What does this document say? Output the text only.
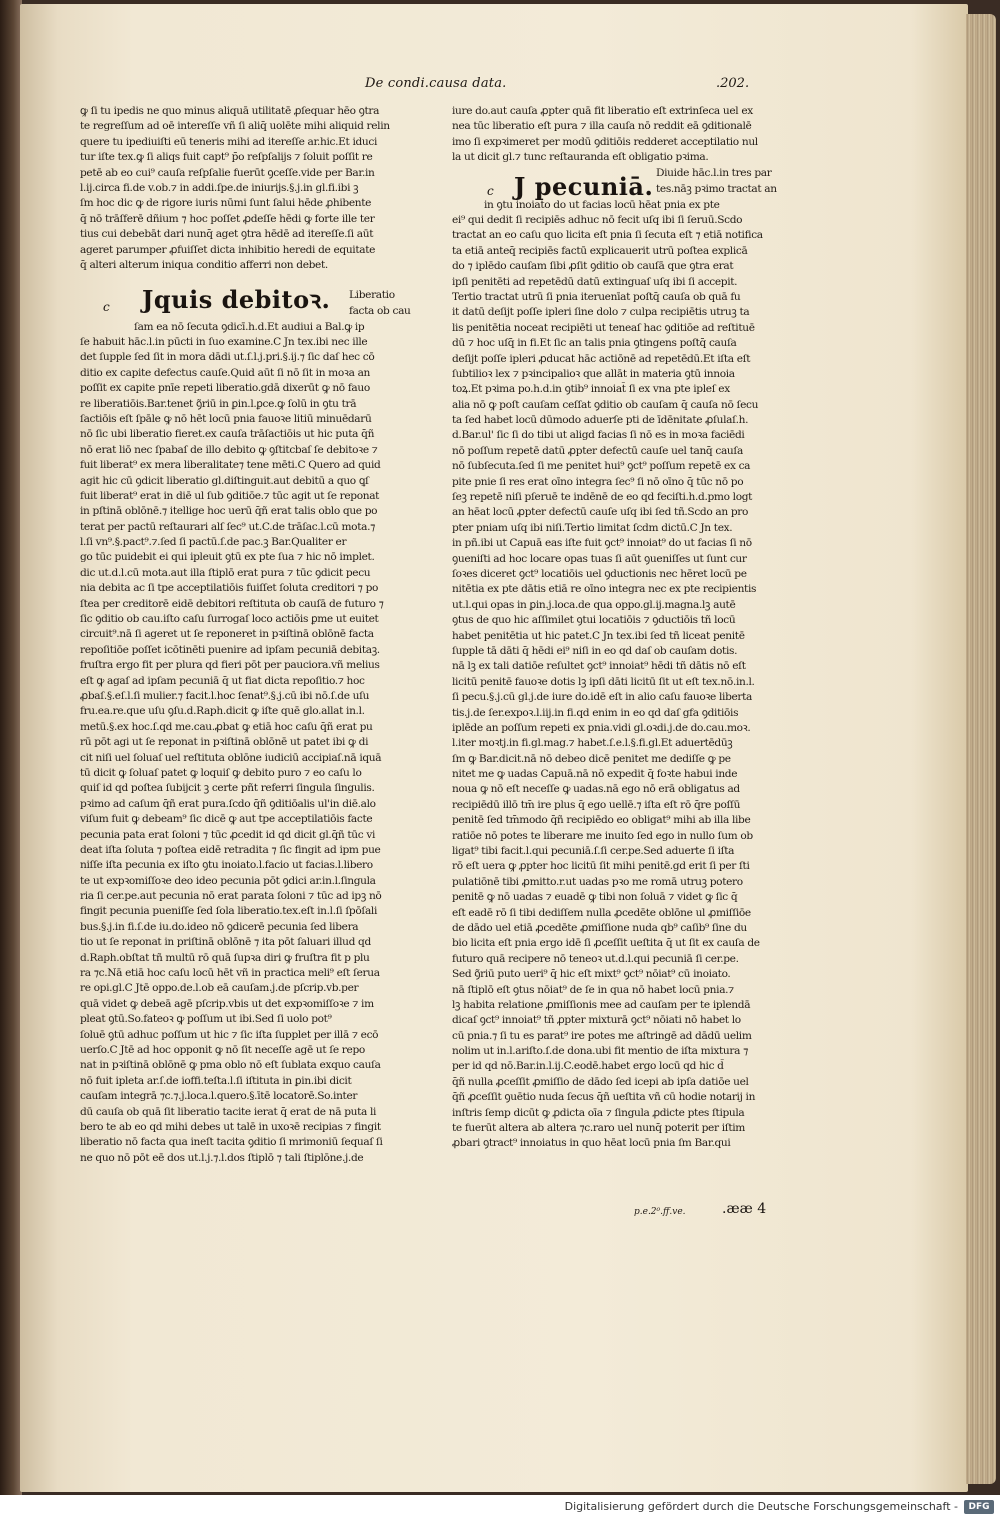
De condi.causa data.	.202.
ꝙ ſi tu ipedis ne quo minus aliquā utilitatē ꝓſequar hēo ꝯtra
te regreſſum ad oē intereſſe vñ ſi aliq̄ uolēte mihi aliquid relin
quere tu ipediuiſti eū teneris mihi ad itereſſe ar.hic.Et iduci
tur iſte tex.ꝙ ſi aliqs fuit capt⁹ p̄o reſpſalijs ⁊ ſoluit poſſit re
petē ab eo cui⁹ cauſa reſpſalie fuerūt ꝯceſſe.vide per Bar.in
l.ij.circa fi.de v.ob.⁊ in addi.ſpe.de iniurijs.§.j.in gl.fi.ibi ꝫ
ſm hoc dic ꝙ de rigore iuris nūmi ſunt ſalui hēde ꝓhibente
q̄ nō trāſferē dñium ⁊ hoc poſſet ꝓdeſſe hēdi ꝙ forte ille ter
tius cui debebāt dari nunq̄ aget ꝯtra hēdē ad itereſſe.ſi aūt
ageret parumper ꝓfuiſſet dicta inhibitio heredi de equitate
q̄ alteri alterum iniqua conditio afferri non debet.
c Jquis debitoꝛ. Liberatio
facta ob cau
ſam ea nō ſecuta ꝯdicī.h.d.Et audiui a Bal.ꝙ ip
ſe habuit hāc.l.in pūcti in ſuo examine.C Jn tex.ibi nec ille
det ſupple ſed ſit in mora dādi ut.ſ.l.j.pri.§.ij.⁊ ſic daſ hec cō
ditio ex capite defectus cauſe.Quid aūt ſi nō ſit in moꝛa an
poſſit ex capite pnīe repeti liberatio.gdā dixerūt ꝙ nō fauo
re liberatiōis.Bar.tenet ꝯ̃riū in ꝑin.l.ꝑce.ꝙ ſolū in ꝯtu trā
ſactiōis eſt ſpāle ꝙ nō hēt locū pnia fauoꝛe litiū minuēdarū
nō ſic ubi liberatio fieret.ex cauſa trāſactiōis ut hic puta q̄ñ
nō erat liō nec ſpabaſ de illo debito ꝙ ꝯſtitcbaſ ſe debitoꝛe ⁊
fuit liberat⁹ ex mera liberalitate⁊ tene mēti.C Quero ad quid
agit hic cū ꝯdicit liberatio gl.diſtinguit.aut debitū a quo ꝗſ
fuit liberat⁹ erat in diē ul ſub ꝯditiōe.⁊ tūc agit ut ſe reponat
in pſtinā oblōnē.⁊ itellige hoc uerū q̄ñ erat talis oblo que po
terat per pactū reſtaurari alſ ſec⁹ ut.C.de trāſac.l.cū mota.⁊
l.ſi vn⁹.§.pact⁹.⁊.ſed ſi pactū.ſ.de pac.ꝫ Bar.Qualiter er
go tūc puidebit ei qui ipleuit ꝯtū ex pte ſua ⁊ hic nō implet.
dic ut.d.l.cū mota.aut illa ſtiplō erat pura ⁊ tūc ꝯdicit pecu
nia debita ac ſi tpe acceptilatiōis fuiſſet ſoluta creditori ⁊ po
ſtea per creditorē eidē debitori reſtituta ob cauſā de futuro ⁊
ſic ꝯditio ob cau.iſto caſu ſurrogaſ loco actiōis ꝑme ut euitet
circuit⁹.nā ſi ageret ut ſe reponeret in pꝛiſtinā oblōnē facta
repoſitiōe poſſet icōtinēti puenire ad ipſam pecuniā debitaꝫ.
fruſtra ergo fit per plura qd fieri pōt per pauciora.vñ melius
eſt ꝙ agaſ ad ipſam pecuniā q̄ ut fiat dicta repoſitio.⁊ hoc
ꝓbaſ.§.eſ.l.ſi mulier.⁊ facit.l.hoc ſenat⁹.§.j.cū ibi nō.ſ.de uſu
fru.ea.re.que uſu ꝯſu.d.Raph.dicit ꝙ iſte quē glo.allat in.l.
metū.§.ex hoc.ſ.qd me.cau.ꝓbat ꝙ etiā hoc caſu q̄ñ erat pu
rū pōt agi ut ſe reponat in pꝛiſtinā oblōnē ut patet ibi ꝙ di
cit niſi uel ſoluaſ uel reſtituta oblōne iudiciū accipiaſ.nā iquā
tū dicit ꝙ ſoluaſ patet ꝙ loquiſ ꝙ debito puro ⁊ eo caſu lo
quiſ id qd poſtea ſubijcit ꝫ certe pñt referri ſingula ſingulis.
pꝛimo ad caſum q̄ñ erat pura.ſcdo q̄ñ ꝯditiōalis ul'in diē.alo
viſum fuit ꝙ debeam⁹ ſic dicē ꝙ aut tpe acceptilatiōis facte
pecunia pata erat ſoloni ⁊ tūc ꝓcedit id qd dicit gl.q̄ñ tūc vi
deat iſta ſoluta ⁊ poſtea eidē retradita ⁊ ſic fingit ad ipm pue
niſſe iſta pecunia ex iſto ꝯtu inoiato.l.facio ut facias.l.libero
te ut expꝛomiſſoꝛe deo ideo pecunia pōt ꝯdici ar.in.l.ſingula
ria ſi cer.pe.aut pecunia nō erat parata ſoloni ⁊ tūc ad ipꝫ nō
fingit pecunia pueniſſe ſed ſola liberatio.tex.eſt in.l.ſi ſpōſali
bus.§.j.in fi.ſ.de iu.do.ideo nō ꝯdicerē pecunia ſed libera
tio ut ſe reponat in priſtinā oblōnē ⁊ ita pōt ſaluari illud qd
d.Raph.obſtat tñ multū rō quā ſupꝛa diri ꝙ fruſtra fit p plu
ra ⁊c.Nā etiā hoc caſu locū hēt vñ in practica meli⁹ eſt ſerua
re opi.gl.C Jtē oppo.de.l.ob eā cauſam.j.de pſcrip.vb.per
quā videt ꝙ debeā agē pſcrip.vbis ut det expꝛomiſſoꝛe ⁊ im
pleat ꝯtū.So.fateoꝛ ꝙ poſſum ut ibi.Sed ſi uolo pot⁹
ſoluē ꝯtū adhuc poſſum ut hic ⁊ ſic iſta ſupplet per illā ⁊ ecō
uerſo.C Jtē ad hoc opponit ꝙ nō ſit neceſſe agē ut ſe repo
nat in pꝛiſtinā oblōnē ꝙ pma oblo nō eſt ſublata exquo cauſa
nō fuit ipleta ar.ſ.de ioffi.teſta.l.ſi iſtituta in ꝑin.ibi dicit
cauſam integrā ⁊c.⁊.j.loca.l.quero.§.ītē locatorē.So.inter
dū cauſa ob quā ſit liberatio tacite ierat q̄ erat de nā puta li
bero te ab eo qd mihi debes ut talē in uxoꝛē recipias ⁊ fingit
liberatio nō facta qua ineſt tacita ꝯditio ſi mrimoniū ſequaſ ſi
ne quo nō pōt eē dos ut.l.j.⁊.l.dos ſtiplō ⁊ tali ſtiplōne.j.de
iure do.aut cauſa ꝓpter quā fit liberatio eſt extrinſeca uel ex
nea tūc liberatio eſt pura ⁊ illa cauſa nō reddit eā ꝯditionalē
imo ſi expꝛimeret per modū ꝯditiōis redderet acceptilatio nul
la ut dicit gl.⁊ tunc reſtauranda eſt obligatio pꝛima.
c J pecuniā. Diuide hāc.l.in tres par
tes.nāꝫ pꝛimo tractat an
in ꝯtu inoiato do ut facias locū hēat pnia ex pte
ei⁹ qui dedit ſi recipiēs adhuc nō fecit uſq ibi ſi ſeruū.Scdo
tractat an eo caſu quo licita eſt pnia ſi ſecuta eſt ⁊ etiā notifica
ta etiā anteq̄ recipiēs factū explicauerit utrū poſtea explicā
do ⁊ iplēdo cauſam ſibi ꝓſit ꝯditio ob cauſā que ꝯtra erat
ipſi penitēti ad repetēdū datū extinguaſ uſq ibi ſi accepit.
Tertio tractat utrū ſi pnia iteruenīat poſtq̄ cauſa ob quā fu
it datū deſijt poſſe ipleri ſine dolo ⁊ culpa recipiētis utruꝫ ta
lis penitētia noceat recipiēti ut teneaſ hac ꝯditiōe ad reſtituē
dū ⁊ hoc uſq̄ in fi.Et ſic an talis pnia ꝯtingens poſtq̄ cauſa
deſijt poſſe ipleri ꝓducat hāc actiōnē ad repetēdū.Et iſta eſt
ſubtilioꝛ lex ⁊ pꝛincipalioꝛ que allāt in materia ꝯtū innoia
toꝝ.Et pꝛima po.h.d.in ꝯtib⁹ innoiat̄ ſi ex vna pte ipleſ ex
alia nō ꝙ poſt cauſam ceſſat ꝯditio ob cauſam q̄ cauſa nō ſecu
ta ſed habet locū dūmodo aduerſe pti de īdēnitate ꝓſulaſ.h.
d.Bar.ul' ſic ſi do tibi ut aligd facias ſi nō es in moꝛa faciēdi
nō poſſum repetē datū ꝓpter defectū cauſe uel tanq̄ cauſa
nō ſubſecuta.ſed ſi me penitet hui⁹ ꝯct⁹ poſſum repetē ex ca
pite pnie ſi res erat oīno integra ſec⁹ ſi nō oīno q̄ tūc nō po
ſeꝫ repetē niſi pſeruē te indēnē de eo qd feciſti.h.d.pmo logt
an hēat locū ꝓpter defectū cauſe uſq ibi ſed tñ.Scdo an pro
pter pniam uſq ibi niſi.Tertio limitat ſcdm dictū.C Jn tex.
in pñ.ibi ut Capuā eas iſte fuit ꝯct⁹ innoiat⁹ do ut facias ſi nō
ꝯueniſti ad hoc locare opas tuas ſi aūt ꝯueniſſes ut ſunt cur
ſoꝛes diceret ꝯct⁹ locatiōis uel ꝯductionis nec hēret locū pe
nitētia ex pte dātis etiā re oīno integra nec ex pte recipientis
ut.l.qui opas in ꝑin.j.loca.de qua oppo.gl.ij.magna.lꝫ autē
ꝯtus de quo hic aſſimilet ꝯtui locatiōis ⁊ ꝯductiōis tñ locū
habet penitētia ut hic patet.C Jn tex.ibi ſed tñ liceat penitē
ſupple tā dāti q̄ hēdi ei⁹ niſi in eo qd daſ ob cauſam dotis.
nā lꝫ ex tali datiōe reſultet ꝯct⁹ innoiat⁹ hēdi tñ dātis nō eſt
licitū penitē fauoꝛe dotis lꝫ ipſi dāti licitū ſit ut eſt tex.nō.in.l.
ſi pecu.§.j.cū gl.j.de iure do.idē eſt in alio caſu fauoꝛe liberta
tis.j.de ſer.expoꝛ.l.iij.in fi.qd enim in eo qd daſ gfa ꝯditiōis
iplēde an poſſum repeti ex pnia.vidi gl.oꝛdi.j.de do.cau.moꝛ.
l.iter moꝛtj.in fi.gl.mag.⁊ habet.ſ.e.l.§.fi.gl.Et aduertēdūꝫ
ſm ꝙ Bar.dicit.nā nō debeo dicē penitet me dediſſe ꝙ pe
nitet me ꝙ uadas Capuā.nā nō expedit q̄ foꝛte habui inde
noua ꝙ nō eſt neceſſe ꝙ uadas.nā ego nō erā obligatus ad
recipiēdū illō tm̄ ire plus q̄ ego uellē.⁊ iſta eſt rō q̄re poſſū
penitē ſed tm̄modo q̄ñ recipiēdo eo obligat⁹ mihi ab illa libe
ratiōe nō potes te liberare me inuito ſed ego in nullo ſum ob
ligat⁹ tibi facit.l.qui pecuniā.ſ.ſi cer.pe.Sed aduerte ſi iſta
rō eſt uera ꝙ ꝓpter hoc licitū ſit mihi penitē.gd erit ſi per ſti
pulatiōnē tibi ꝓmitto.r.ut uadas pꝛo me romā utruꝫ potero
penitē ꝙ nō uadas ⁊ euadē ꝙ tibi non ſoluā ⁊ videt ꝙ ſic q̄
eſt eadē rō ſi tibi dediſſem nulla ꝓcedēte oblōne ul ꝓmiſſiōe
de dādo uel etiā ꝓcedēte ꝓmiſſione nuda qb⁹ caſib⁹ ſine du
bio licita eſt pnia ergo idē ſi ꝓceſſit ueſtita q̄ ut ſit ex cauſa de
futuro quā recipere nō teneoꝛ ut.d.l.qui pecuniā ſi cer.pe.
Sed ꝯ̃riū puto ueri⁹ q̄ hic eſt mixt⁹ ꝯct⁹ nōiat⁹ cū inoiato.
nā ſtiplō eſt ꝯtus nōiat⁹ de ſe in qua nō habet locū pnia.⁊
lꝫ habita relatione ꝓmiſſionis mee ad cauſam per te iplendā
dicaſ ꝯct⁹ innoiat⁹ tñ ꝓpter mixturā ꝯct⁹ nōiati nō habet lo
cū pnia.⁊ ſi tu es parat⁹ ire potes me aſtringē ad dādū uelim
nolim ut in.l.ariſto.ſ.de dona.ubi fit mentio de iſta mixtura ⁊
per id qd nō.Bar.in.l.ij.C.eodē.habet ergo locū qd hic d̄
q̄ñ nulla ꝓceſſit ꝓmiſſio de dādo ſed icepi ab ipſa datiōe uel
q̄ñ ꝓceſſit ꝯuētio nuda ſecus q̄ñ ueſtita vñ cū hodie notarij in
inſtris ſemp dicūt ꝙ ꝓdicta oīa ⁊ ſingula ꝓdicte ptes ſtipula
te fuerūt altera ab altera ⁊c.raro uel nunq̄ poterit per iſtim
ꝓbari ꝯtract⁹ innoiatus in quo hēat locū pnia ſm Bar.qui
p.e.2⁰.ff.ve.	.ææ 4
Digitalisierung gefördert durch die Deutsche Forschungsgemeinschaft -	DFG
